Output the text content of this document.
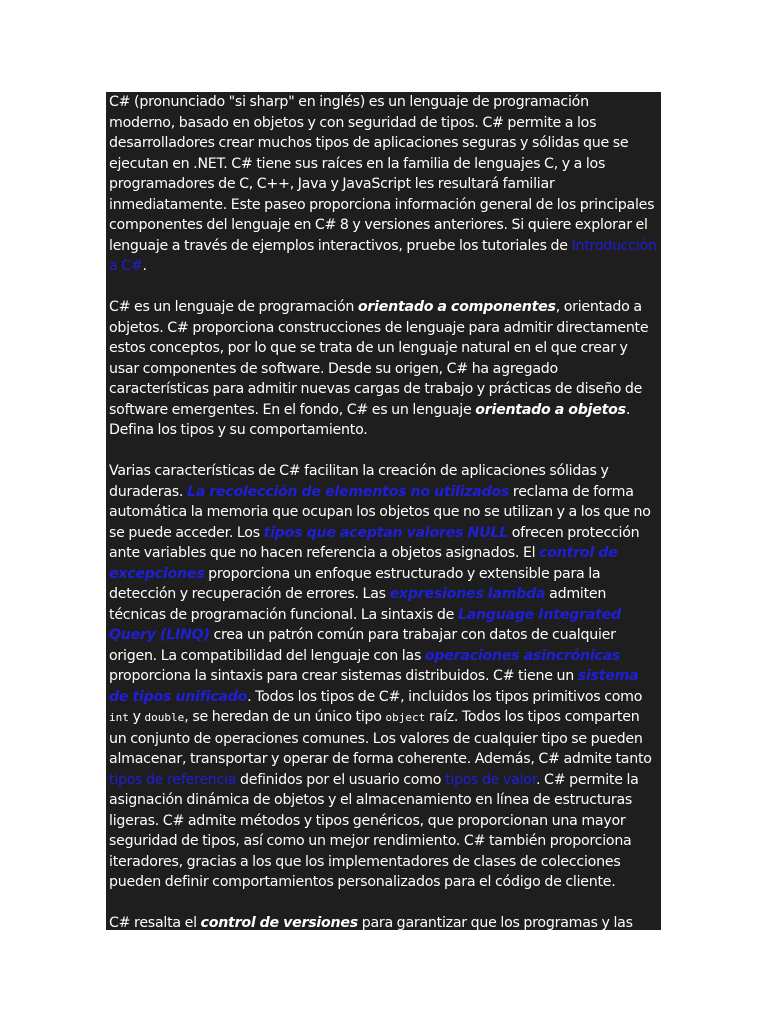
C# (pronunciado "si sharp" en inglés) es un lenguaje de programación moderno, basado en objetos y con seguridad de tipos. C# permite a los desarrolladores crear muchos tipos de aplicaciones seguras y sólidas que se ejecutan en .NET. C# tiene sus raíces en la familia de lenguajes C, y a los programadores de C, C++, Java y JavaScript les resultará familiar inmediatamente. Este paseo proporciona información general de los principales componentes del lenguaje en C# 8 y versiones anteriores. Si quiere explorar el lenguaje a través de ejemplos interactivos, pruebe los tutoriales de Introducción a C#.

C# es un lenguaje de programación orientado a componentes, orientado a objetos. C# proporciona construcciones de lenguaje para admitir directamente estos conceptos, por lo que se trata de un lenguaje natural en el que crear y usar componentes de software. Desde su origen, C# ha agregado características para admitir nuevas cargas de trabajo y prácticas de diseño de software emergentes. En el fondo, C# es un lenguaje orientado a objetos. Defina los tipos y su comportamiento.

Varias características de C# facilitan la creación de aplicaciones sólidas y duraderas. La recolección de elementos no utilizados reclama de forma automática la memoria que ocupan los objetos que no se utilizan y a los que no se puede acceder. Los tipos que aceptan valores NULL ofrecen protección ante variables que no hacen referencia a objetos asignados. El control de excepciones proporciona un enfoque estructurado y extensible para la detección y recuperación de errores. Las expresiones lambda admiten técnicas de programación funcional. La sintaxis de Language Integrated Query (LINQ) crea un patrón común para trabajar con datos de cualquier origen. La compatibilidad del lenguaje con las operaciones asincrónicas proporciona la sintaxis para crear sistemas distribuidos. C# tiene un sistema de tipos unificado. Todos los tipos de C#, incluidos los tipos primitivos como int y double, se heredan de un único tipo object raíz. Todos los tipos comparten un conjunto de operaciones comunes. Los valores de cualquier tipo se pueden almacenar, transportar y operar de forma coherente. Además, C# admite tanto tipos de referencia definidos por el usuario como tipos de valor. C# permite la asignación dinámica de objetos y el almacenamiento en línea de estructuras ligeras. C# admite métodos y tipos genéricos, que proporcionan una mayor seguridad de tipos, así como un mejor rendimiento. C# también proporciona iteradores, gracias a los que los implementadores de clases de colecciones pueden definir comportamientos personalizados para el código de cliente.

C# resalta el control de versiones para garantizar que los programas y las bibliotecas puedan evolucionar con el tiempo de manera compatible. Los aspectos
